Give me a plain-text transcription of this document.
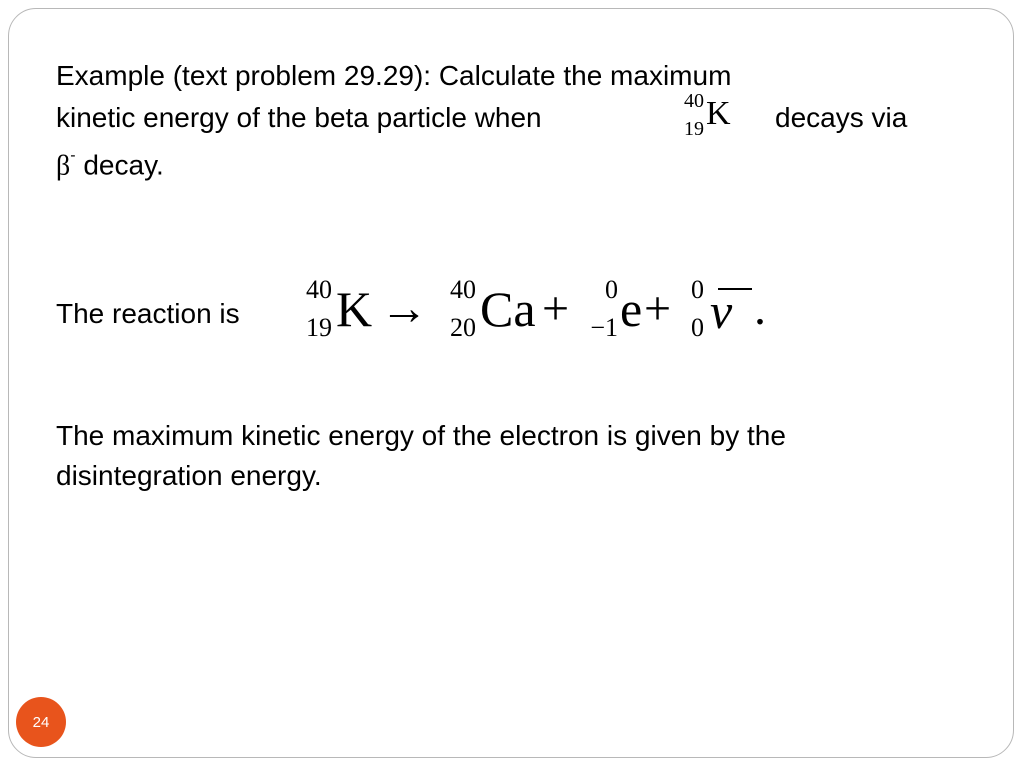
Example (text problem 29.29): Calculate the maximum
kinetic energy of the beta particle when
40
19 K decays via
β- decay.
The reaction is
40
19 K → 40
20 Ca +	0
−1 e + 0
0 ν .
The maximum kinetic energy of the electron is given by the
disintegration energy.
24
